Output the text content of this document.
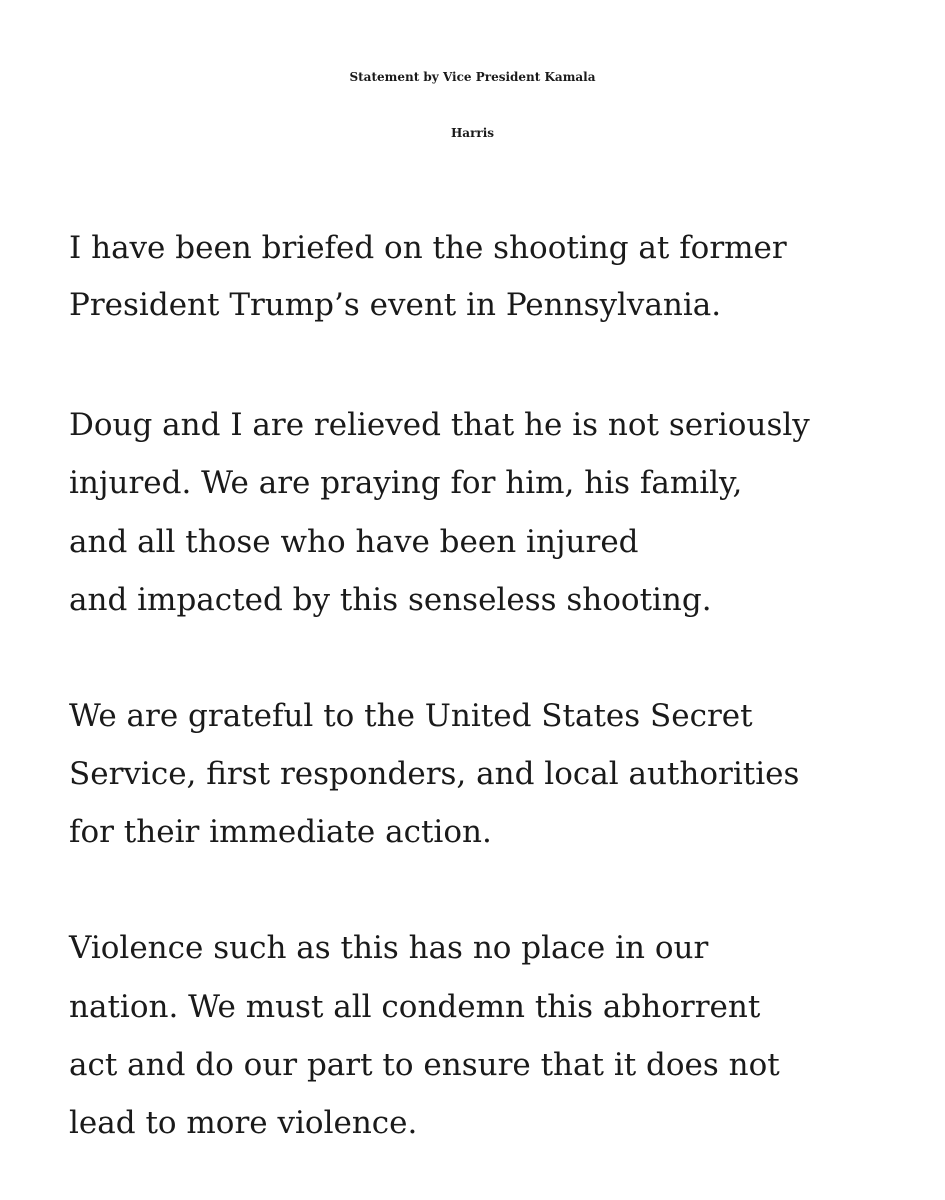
Statement by Vice President Kamala
Harris

I have been briefed on the shooting at former

President Trump’s event in Pennsylvania.

Doug and I are relieved that he is not seriously

injured. We are praying for him, his family,

and all those who have been injured

and impacted by this senseless shooting.

We are grateful to the United States Secret

Service, first responders, and local authorities

for their immediate action.

Violence such as this has no place in our

nation. We must all condemn this abhorrent

act and do our part to ensure that it does not

lead to more violence.
